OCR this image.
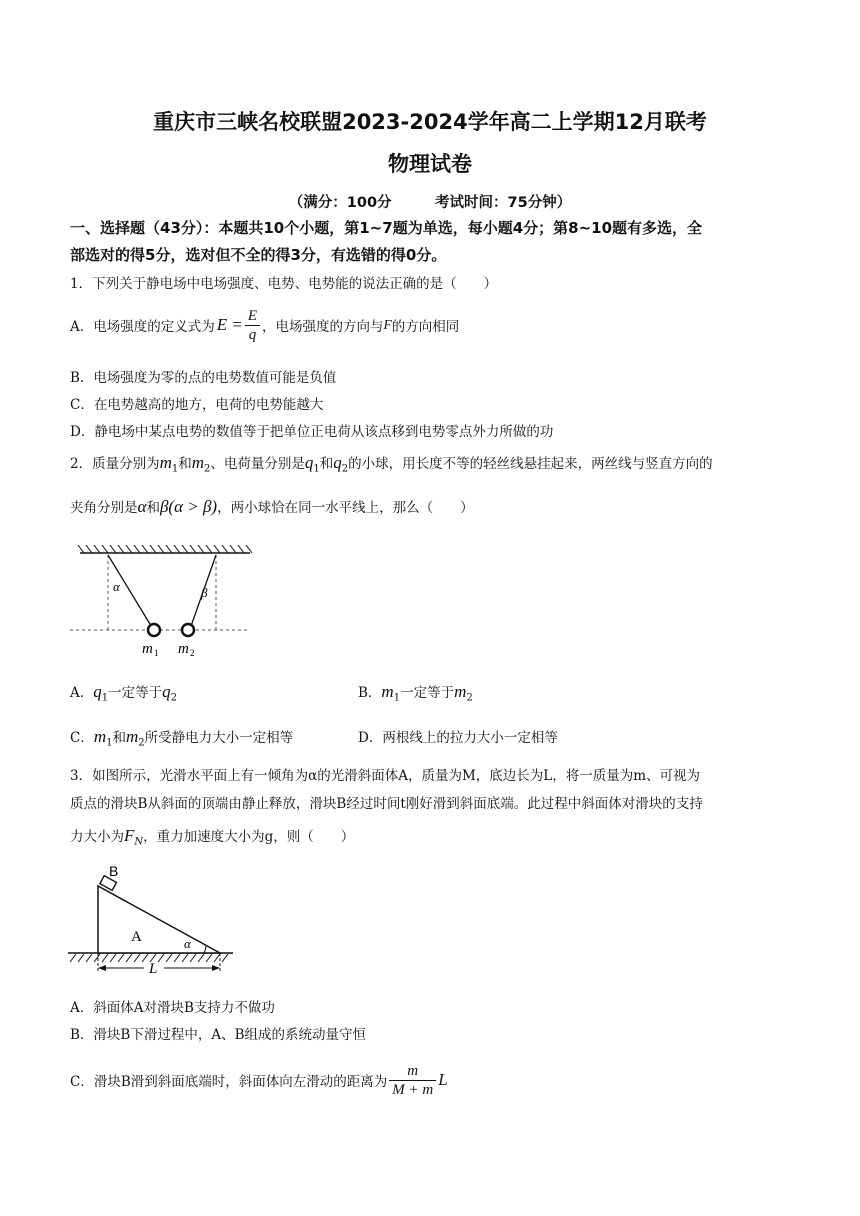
重庆市三峡名校联盟2023-2024学年高二上学期12月联考
物理试卷
（满分：100分　　　考试时间：75分钟）
一、选择题（43分）：本题共10个小题，第1~7题为单选，每小题4分；第8~10题有多选，全
部选对的得5分，选对但不全的得3分，有选错的得0分。
1．下列关于静电场中电场强度、电势、电势能的说法正确的是（　　）
A．电场强度的定义式为 $E = \frac{E}{q}$ ，电场强度的方向与 F 的方向相同
B．电场强度为零的点的电势数值可能是负值
C．在电势越高的地方，电荷的电势能越大
D．静电场中某点电势的数值等于把单位正电荷从该点移到电势零点外力所做的功
2．质量分别为$m_1$和$m_2$、电荷量分别是$q_1$和$q_2$的小球，用长度不等的轻丝线悬挂起来，两丝线与竖直方向的
夹角分别是α和β(α > β)，两小球恰在同一水平线上，那么（　　）
α	β
m 1 m 2
A．$q_1$一定等于$q_2$	B．$m_1$一定等于$m_2$
C．$m_1$和$m_2$所受静电力大小一定相等	D．两根线上的拉力大小一定相等
3．如图所示，光滑水平面上有一倾角为α的光滑斜面体A，质量为M，底边长为L，将一质量为m、可视为
质点的滑块B从斜面的顶端由静止释放，滑块B经过时间t刚好滑到斜面底端。此过程中斜面体对滑块的支持
力大小为$F_N$，重力加速度大小为g，则（　　）
B
A	α
L
A．斜面体A对滑块B支持力不做功
B．滑块B下滑过程中，A、B组成的系统动量守恒
C．滑块B滑到斜面底端时，斜面体向左滑动的距离为 $\frac{m}{M + m}$ L
